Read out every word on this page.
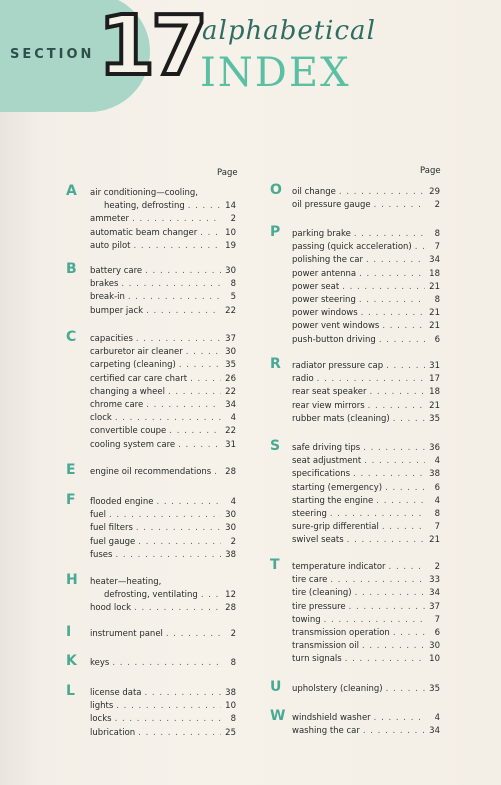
SECTION 17
alphabetical
INDEX
Page	Page
A air conditioning—cooling,
heating, defrosting . . .	14
ammeter . . .	2
automatic beam changer . . .	10
auto pilot . . .	19
B battery care . . .	30
brakes . . .	8
break-in . . .	5
bumper jack . . .	22
C capacities . . .	37
carburetor air cleaner . . .	30
carpeting (cleaning) . . .	35
certified car care chart . . .	26
changing a wheel . . .	22
chrome care . . .	34
clock . . .	4
convertible coupe . . .	22
cooling system care . . .	31
E engine oil recommendations . . . 28
F flooded engine . . .	4
fuel . . .	30
fuel filters . . .	30
fuel gauge . . .	2
fuses . . .	38
H heater—heating,
defrosting, ventilating . . .	12
hood lock . . .	28
I instrument panel . . .	2
K keys . . .	8
L license data . . .	38
lights . . .	10
locks . . .	8
lubrication . . .	25
O oil change . . .	29
oil pressure gauge . . .	2
P parking brake . . .	8
passing (quick acceleration) . . .	7
polishing the car . . .	34
power antenna . . .	18
power seat . . .	21
power steering . . .	8
power windows . . .	21
power vent windows . . .	21
push-button driving . . .	6
R radiator pressure cap . . .	31
radio . . .	17
rear seat speaker . . .	18
rear view mirrors . . .	21
rubber mats (cleaning) . . .	35
S safe driving tips . . .	36
seat adjustment . . .	4
specifications . . .	38
starting (emergency) . . .	6
starting the engine . . .	4
steering . . .	8
sure-grip differential . . .	7
swivel seats . . .	21
T temperature indicator . . .	2
tire care . . .	33
tire (cleaning) . . .	34
tire pressure . . .	37
towing . . .	7
transmission operation . . .	6
transmission oil . . .	30
turn signals . . .	10
U upholstery (cleaning) . . .	35
W windshield washer . . .	4
washing the car . . .	34
